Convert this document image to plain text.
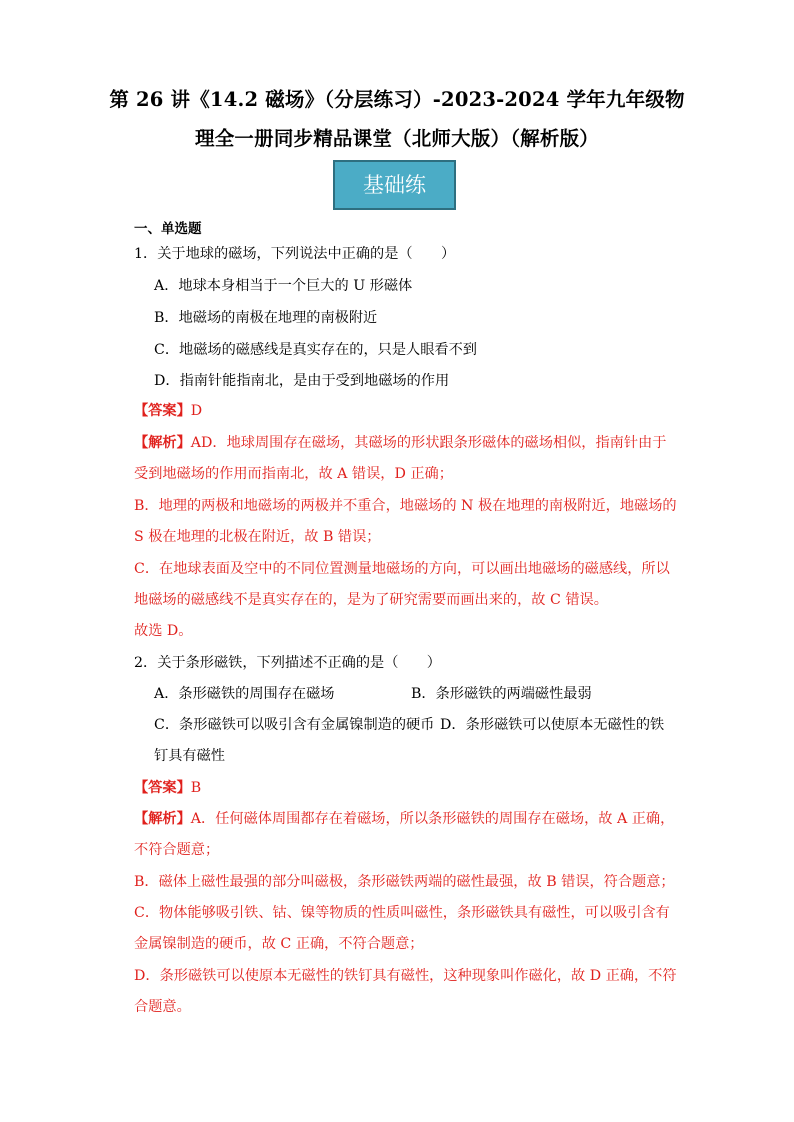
第 26 讲《14.2 磁场》（分层练习）-2023-2024 学年九年级物
理全一册同步精品课堂（北师大版）（解析版）
基础练
一、单选题
1．关于地球的磁场，下列说法中正确的是（　　）
A．地球本身相当于一个巨大的 U 形磁体
B．地磁场的南极在地理的南极附近
C．地磁场的磁感线是真实存在的，只是人眼看不到
D．指南针能指南北，是由于受到地磁场的作用
【答案】D
【解析】AD．地球周围存在磁场，其磁场的形状跟条形磁体的磁场相似，指南针由于
受到地磁场的作用而指南北，故 A 错误，D 正确；
B．地理的两极和地磁场的两极并不重合，地磁场的 N 极在地理的南极附近，地磁场的
S 极在地理的北极在附近，故 B 错误；
C．在地球表面及空中的不同位置测量地磁场的方向，可以画出地磁场的磁感线，所以
地磁场的磁感线不是真实存在的，是为了研究需要而画出来的，故 C 错误。
故选 D。
2．关于条形磁铁，下列描述不正确的是（　　）
A．条形磁铁的周围存在磁场	B．条形磁铁的两端磁性最弱
C．条形磁铁可以吸引含有金属镍制造的硬币 D．条形磁铁可以使原本无磁性的铁
钉具有磁性
【答案】B
【解析】A．任何磁体周围都存在着磁场，所以条形磁铁的周围存在磁场，故 A 正确，
不符合题意；
B．磁体上磁性最强的部分叫磁极，条形磁铁两端的磁性最强，故 B 错误，符合题意；
C．物体能够吸引铁、钴、镍等物质的性质叫磁性，条形磁铁具有磁性，可以吸引含有
金属镍制造的硬币，故 C 正确，不符合题意；
D．条形磁铁可以使原本无磁性的铁钉具有磁性，这种现象叫作磁化，故 D 正确，不符
合题意。
